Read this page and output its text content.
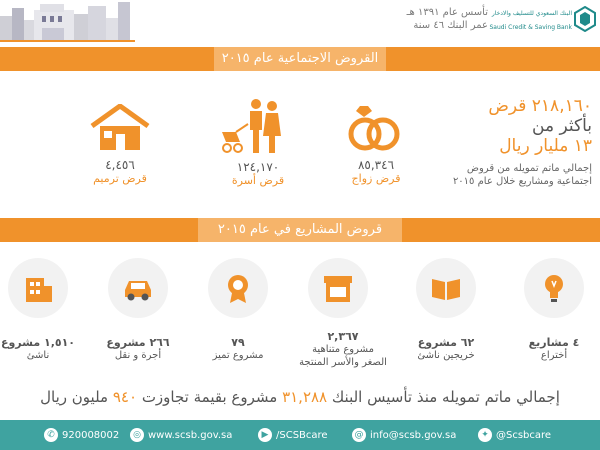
تأسس عام ١٣٩١ هـ
عمر البنك ٤٦ سنة
البنك السعودي للتسليف والادخار
Saudi Credit & Saving Bank
القروض الاجتماعية عام ٢٠١٥
٤,٤٥٦
قرض ترميم
١٢٤,١٧٠
قرض أسرة
٨٥,٣٤٦
قرض زواج
٢١٨,١٦٠ قرض
بأكثر من
١٣ مليار ريال
إجمالي ماتم تمويله من قروض
اجتماعية ومشاريع خلال عام ٢٠١٥
قروض المشاريع في عام ٢٠١٥
١,٥١٠ مشروع
ناشئ
٢٦٦ مشروع
أجرة و نقل
٧٩
مشروع تميز
٢,٣٦٧
مشروع متناهية
الصغر والأسر المنتجة
٦٢ مشروع
خريجين ناشئ
٤ مشاريع
أختراع
إجمالي ماتم تمويله منذ تأسيس البنك ٣١,٢٨٨ مشروع بقيمة تجاوزت ٩٤٠ مليون ريال
✆ 920008002	◎ www.scsb.gov.sa	▶ /SCSBcare	@ info@scsb.gov.sa	✦ @Scsbcare
